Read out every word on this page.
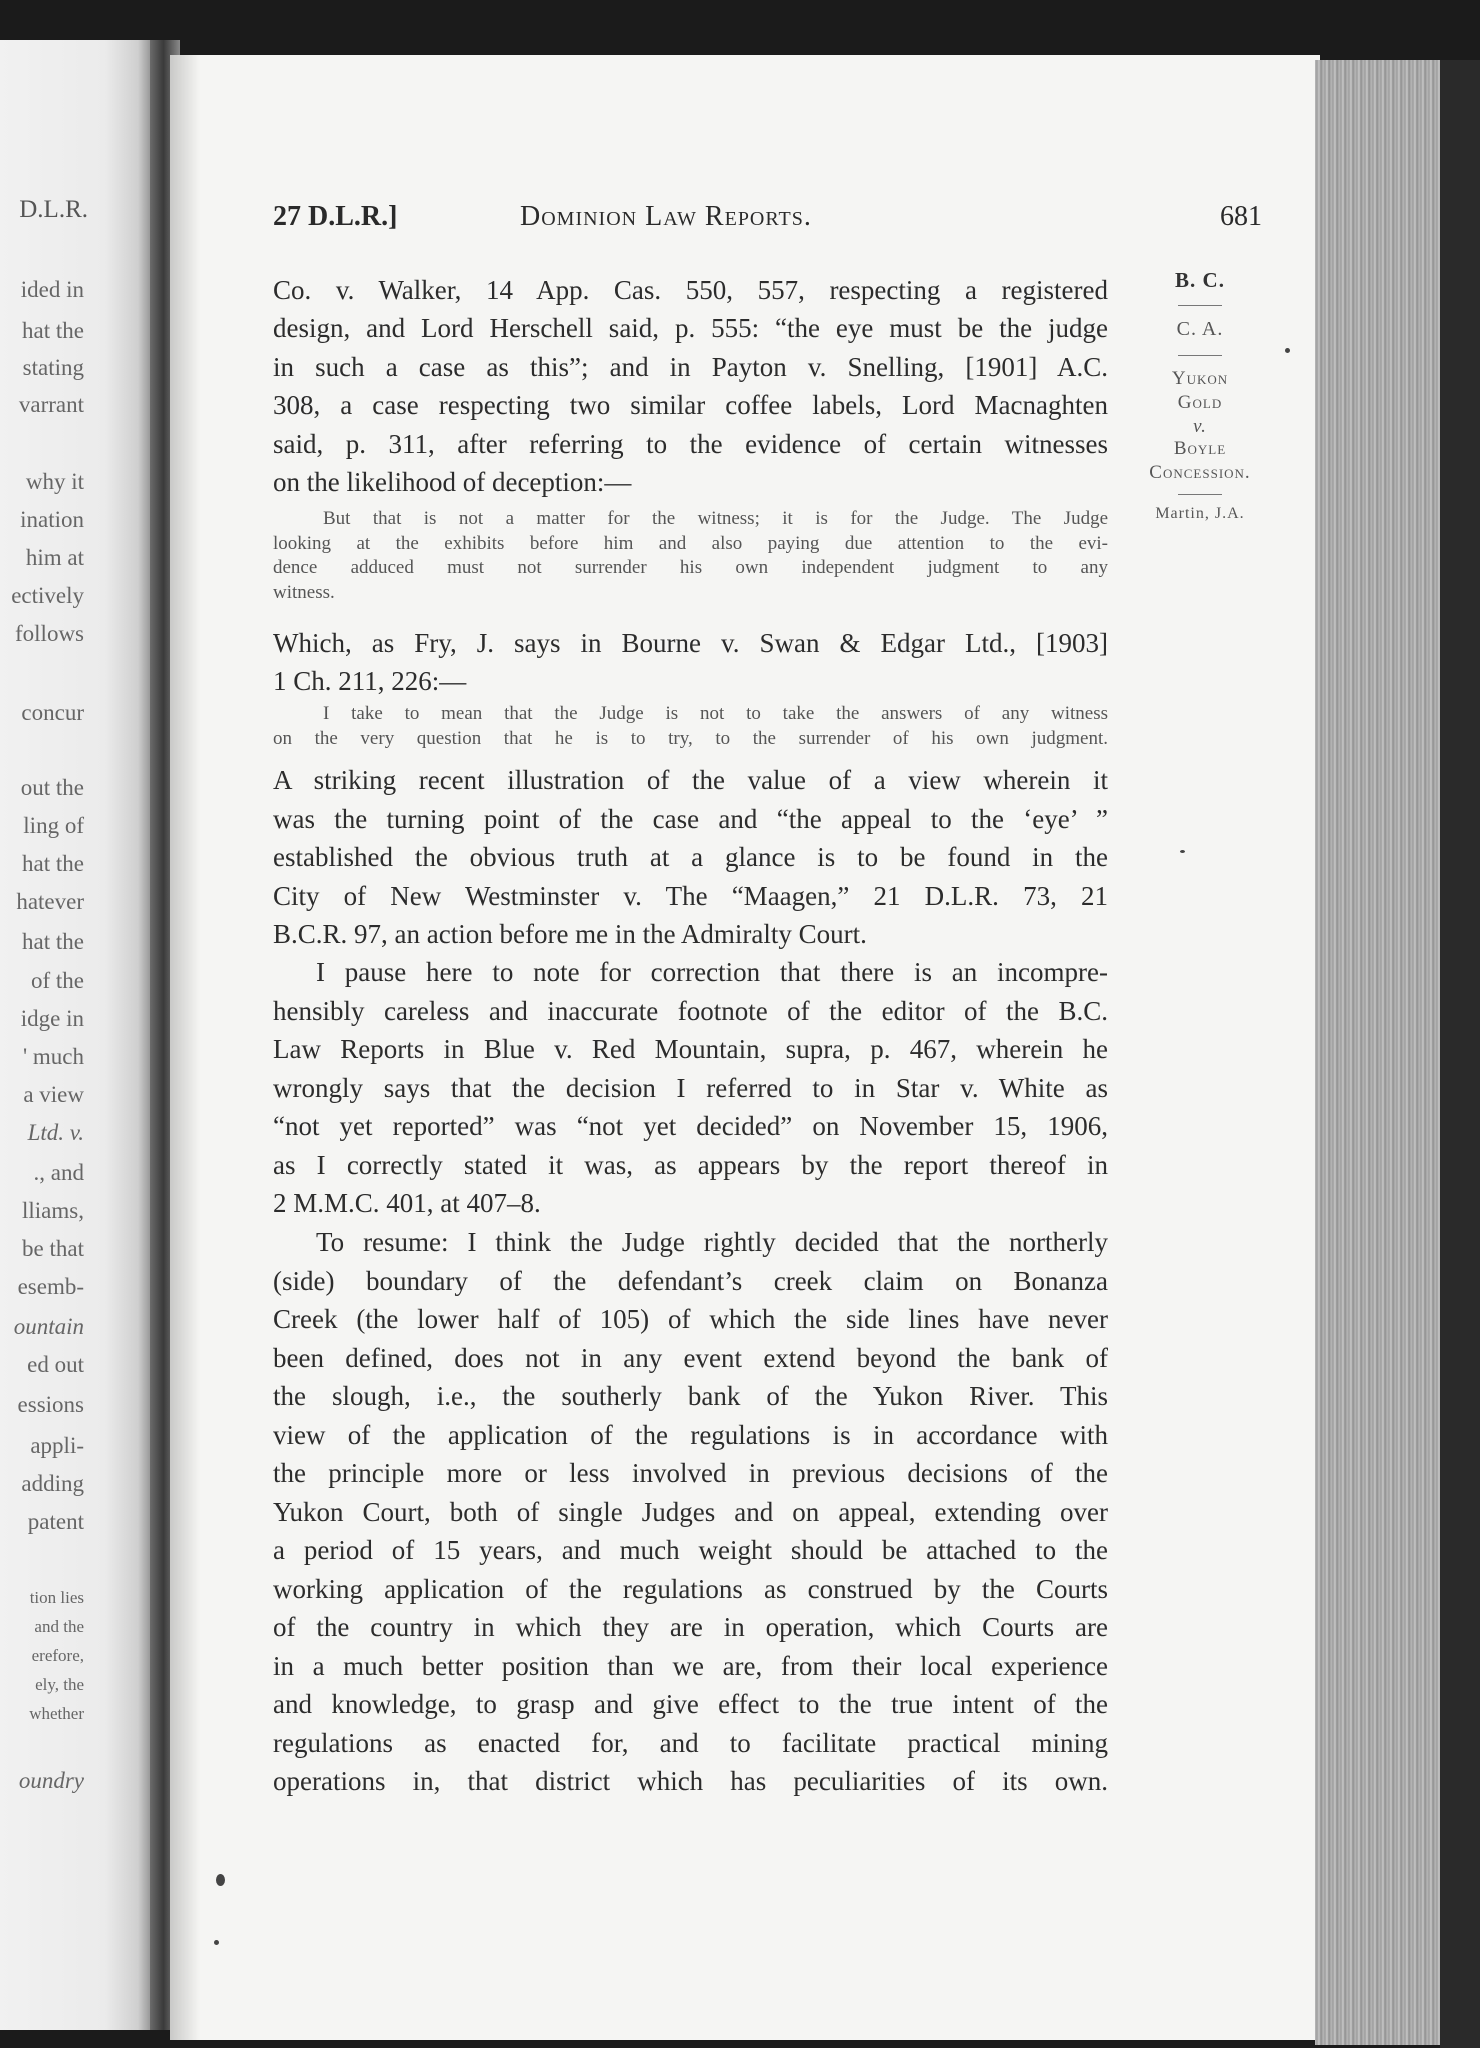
D.L.R.
ided in
hat the
stating
varrant
why it
ination
him at
ectively
follows
concur
out the
ling of
hat the
hatever
hat the
of the
idge in
' much
a view
Ltd. v.
., and
lliams,
be that
esemb-
ountain
ed out
essions
appli-
adding
patent
tion lies
and the
erefore,
ely, the
whether
oundry
27 D.L.R.]	Dominion Law Reports.	681
B. C.
C. A.
Yukon
Gold
v.
Boyle
Concession.
Martin, J.A.
Co. v. Walker, 14 App. Cas. 550, 557, respecting a registered
design, and Lord Herschell said, p. 555: “the eye must be the judge
in such a case as this”; and in Payton v. Snelling, [1901] A.C.
308, a case respecting two similar coffee labels, Lord Macnaghten
said, p. 311, after referring to the evidence of certain witnesses
on the likelihood of deception:—
But that is not a matter for the witness; it is for the Judge. The Judge
looking at the exhibits before him and also paying due attention to the evi-
dence adduced must not surrender his own independent judgment to any
witness.
Which, as Fry, J. says in Bourne v. Swan & Edgar Ltd., [1903]
1 Ch. 211, 226:—
I take to mean that the Judge is not to take the answers of any witness
on the very question that he is to try, to the surrender of his own judgment.
A striking recent illustration of the value of a view wherein it
was the turning point of the case and “the appeal to the ‘eye’ ”
established the obvious truth at a glance is to be found in the
City of New Westminster v. The “Maagen,” 21 D.L.R. 73, 21
B.C.R. 97, an action before me in the Admiralty Court.
I pause here to note for correction that there is an incompre-
hensibly careless and inaccurate footnote of the editor of the B.C.
Law Reports in Blue v. Red Mountain, supra, p. 467, wherein he
wrongly says that the decision I referred to in Star v. White as
“not yet reported” was “not yet decided” on November 15, 1906,
as I correctly stated it was, as appears by the report thereof in
2 M.M.C. 401, at 407–8.
To resume: I think the Judge rightly decided that the northerly
(side) boundary of the defendant’s creek claim on Bonanza
Creek (the lower half of 105) of which the side lines have never
been defined, does not in any event extend beyond the bank of
the slough, i.e., the southerly bank of the Yukon River. This
view of the application of the regulations is in accordance with
the principle more or less involved in previous decisions of the
Yukon Court, both of single Judges and on appeal, extending over
a period of 15 years, and much weight should be attached to the
working application of the regulations as construed by the Courts
of the country in which they are in operation, which Courts are
in a much better position than we are, from their local experience
and knowledge, to grasp and give effect to the true intent of the
regulations as enacted for, and to facilitate practical mining
operations in, that district which has peculiarities of its own.
